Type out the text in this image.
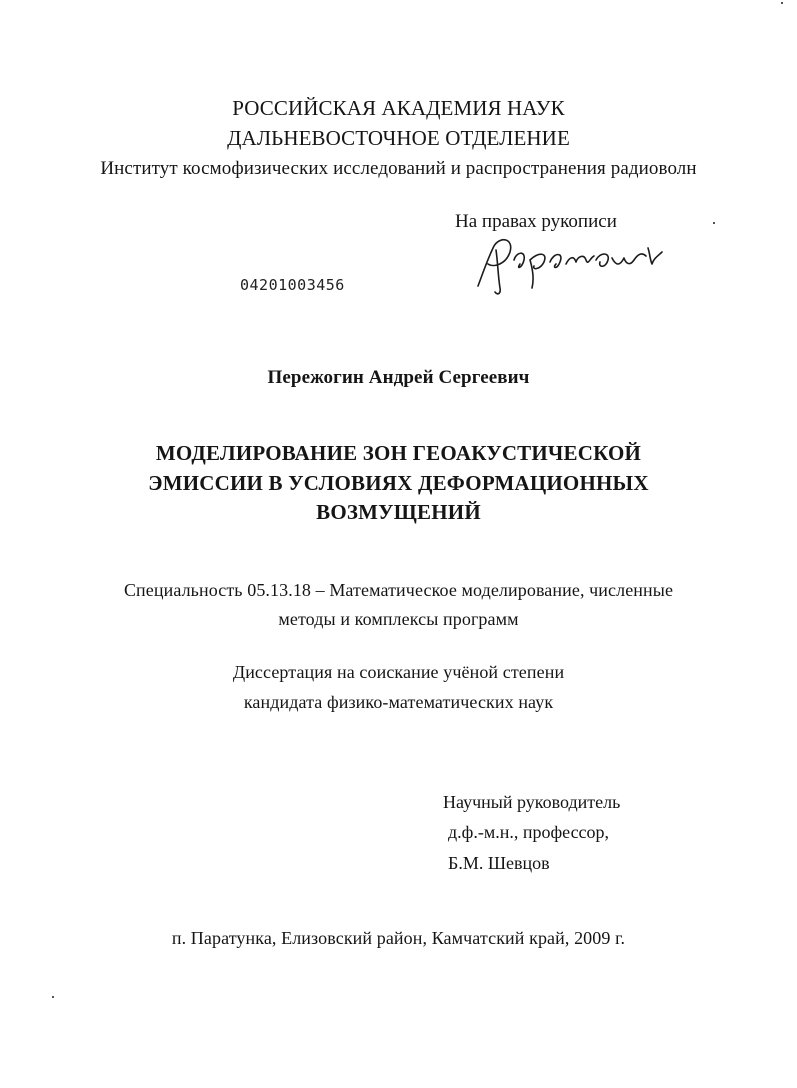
РОССИЙСКАЯ АКАДЕМИЯ НАУК
ДАЛЬНЕВОСТОЧНОЕ ОТДЕЛЕНИЕ
Институт космофизических исследований и распространения радиоволн
На правах рукописи
04201003456
Пережогин Андрей Сергеевич
МОДЕЛИРОВАНИЕ ЗОН ГЕОАКУСТИЧЕСКОЙ
ЭМИССИИ В УСЛОВИЯХ ДЕФОРМАЦИОННЫХ
ВОЗМУЩЕНИЙ
Специальность 05.13.18 – Математическое моделирование, численные
методы и комплексы программ
Диссертация на соискание учёной степени
кандидата физико-математических наук
Научный руководитель
д.ф.-м.н., профессор,
Б.М. Шевцов
п. Паратунка, Елизовский район, Камчатский край, 2009 г.
